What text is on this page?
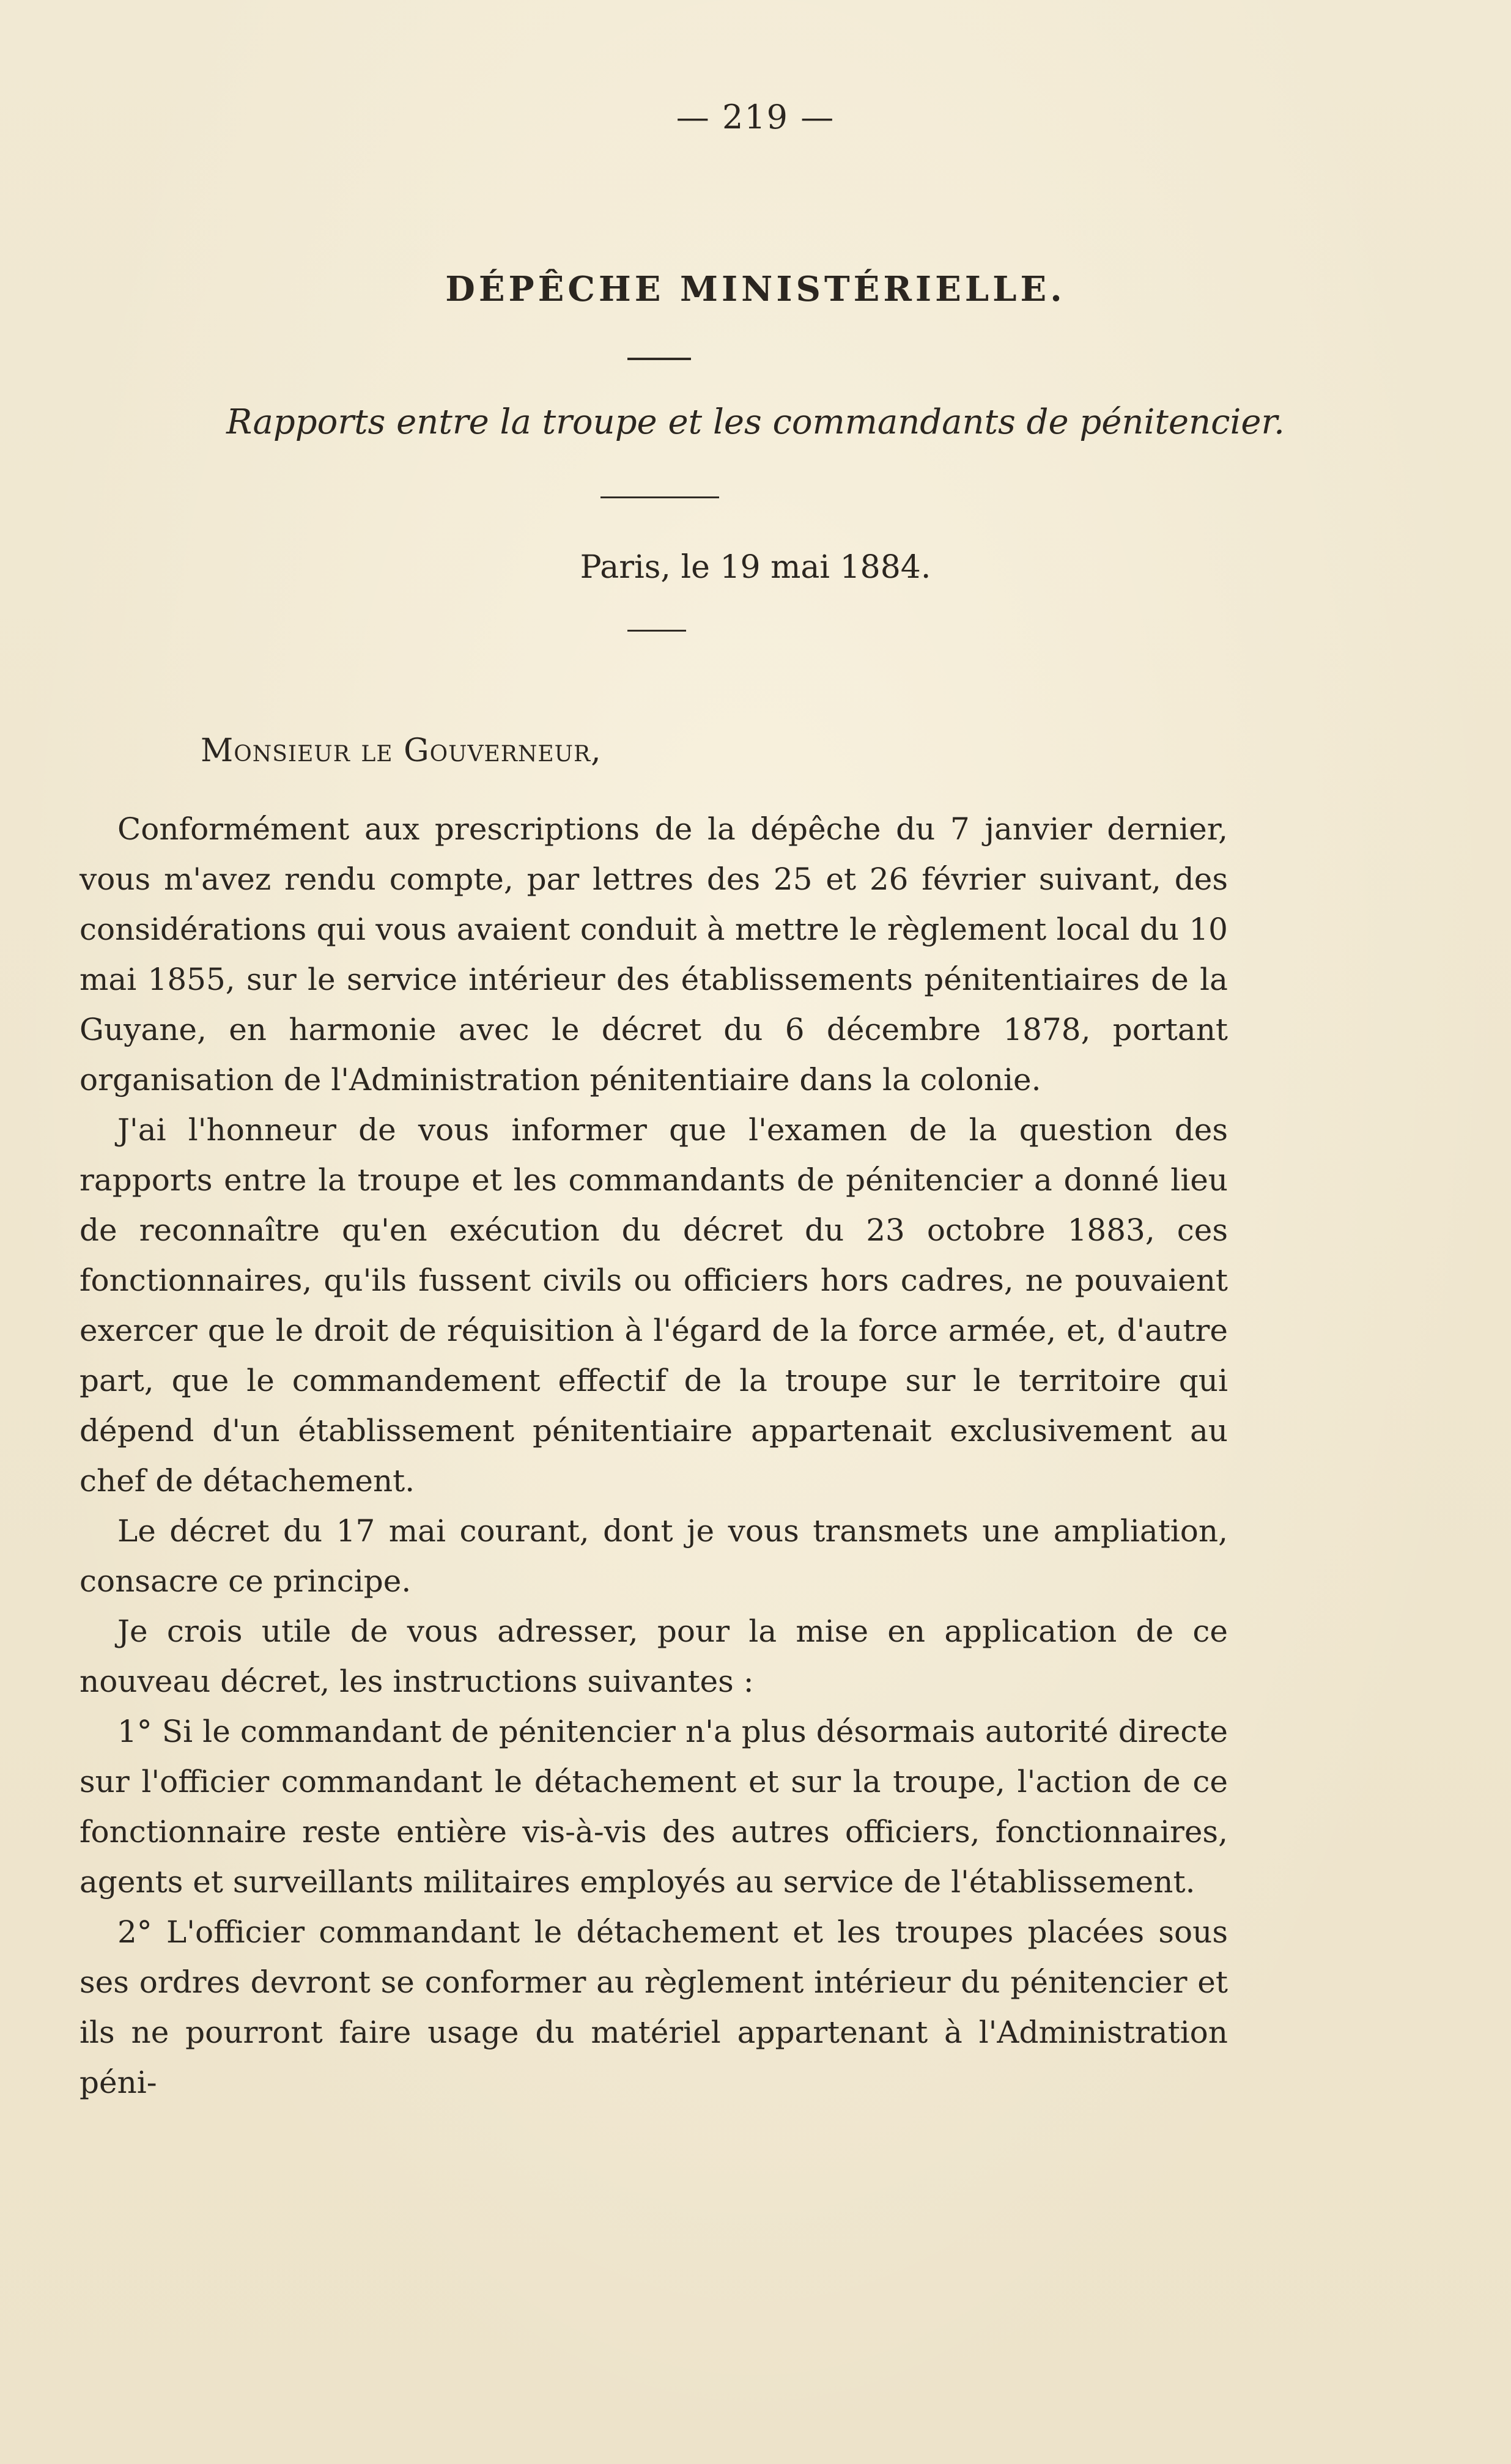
— 219 —
DÉPÊCHE MINISTÉRIELLE.
Rapports entre la troupe et les commandants de pénitencier.
Paris, le 19 mai 1884.
Monsieur le Gouverneur,

Conformément aux prescriptions de la dépêche du 7 janvier dernier, vous m'avez rendu compte, par lettres des 25 et 26 février suivant, des considérations qui vous avaient conduit à mettre le règlement local du 10 mai 1855, sur le service intérieur des établissements pénitentiaires de la Guyane, en harmonie avec le décret du 6 décembre 1878, portant organisation de l'Administration pénitentiaire dans la colonie.

J'ai l'honneur de vous informer que l'examen de la question des rapports entre la troupe et les commandants de pénitencier a donné lieu de reconnaître qu'en exécution du décret du 23 octobre 1883, ces fonctionnaires, qu'ils fussent civils ou officiers hors cadres, ne pouvaient exercer que le droit de réquisition à l'égard de la force armée, et, d'autre part, que le commandement effectif de la troupe sur le territoire qui dépend d'un établissement pénitentiaire appartenait exclusivement au chef de détachement.

Le décret du 17 mai courant, dont je vous transmets une ampliation, consacre ce principe.

Je crois utile de vous adresser, pour la mise en application de ce nouveau décret, les instructions suivantes :

1° Si le commandant de pénitencier n'a plus désormais autorité directe sur l'officier commandant le détachement et sur la troupe, l'action de ce fonctionnaire reste entière vis-à-vis des autres officiers, fonctionnaires, agents et surveillants militaires employés au service de l'établissement.

2° L'officier commandant le détachement et les troupes placées sous ses ordres devront se conformer au règlement intérieur du pénitencier et ils ne pourront faire usage du matériel appartenant à l'Administration péni-
